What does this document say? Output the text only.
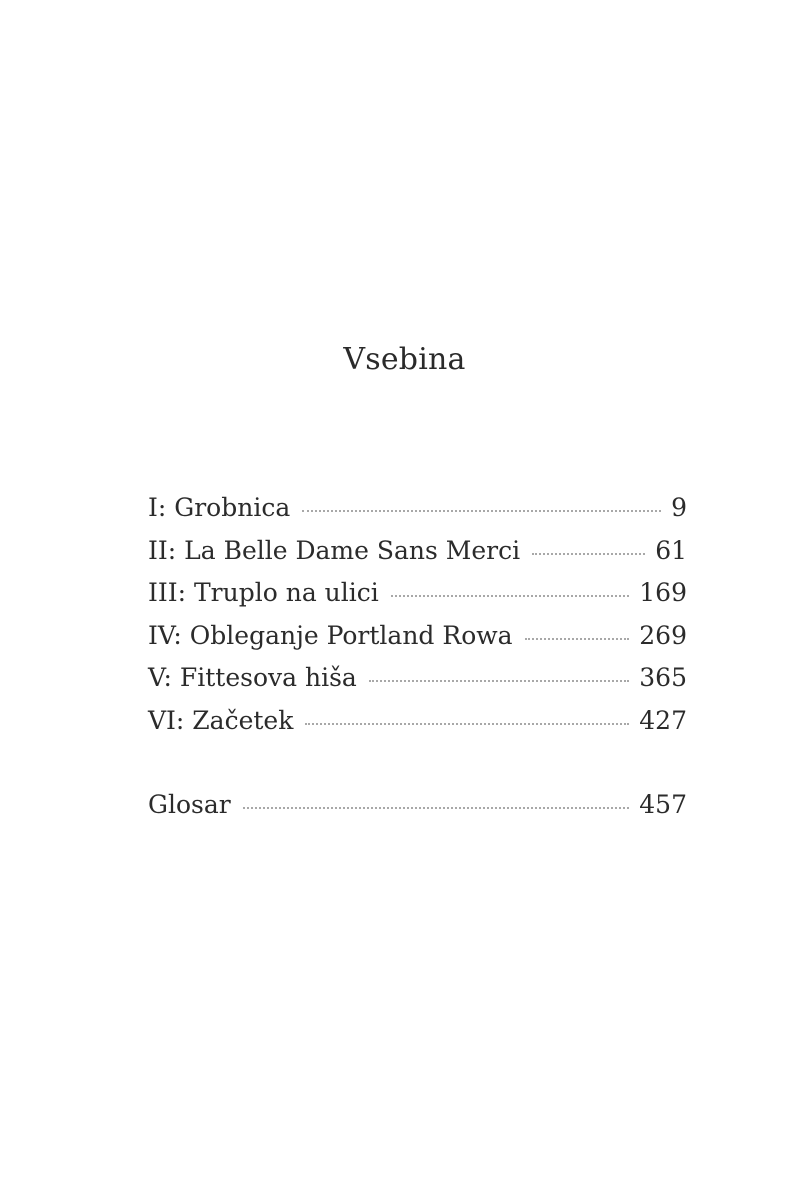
Vsebina
I: Grobnica	9
II: La Belle Dame Sans Merci	61
III: Truplo na ulici	169
IV: Obleganje Portland Rowa	269
V: Fittesova hiša	365
VI: Začetek	427
Glosar	457
